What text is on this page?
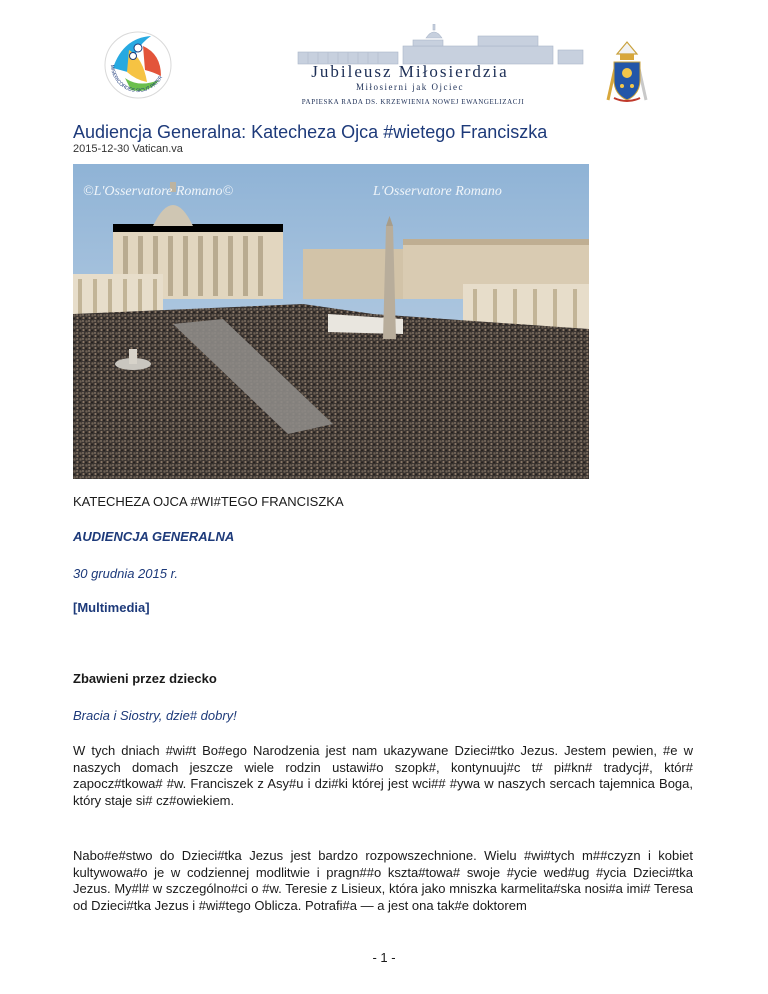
MISERICORDES SICUT PATER	Jubileusz Miłosierdzia
Miłosierni jak Ojciec
PAPIESKA RADA DS. KRZEWIENIA NOWEJ EWANGELIZACJI
Audiencja Generalna: Katecheza Ojca #wietego Franciszka
2015-12-30 Vatican.va
©L'Osservatore Romano©	L'Osservatore Romano
KATECHEZA OJCA #WI#TEGO FRANCISZKA
AUDIENCJA GENERALNA
30 grudnia 2015 r.
[Multimedia]
Zbawieni przez dziecko
Bracia i Siostry, dzie# dobry!
W tych dniach #wi#t Bo#ego Narodzenia jest nam ukazywane Dzieci#tko Jezus. Jestem pewien, #e w naszych domach jeszcze wiele rodzin ustawi#o szopk#, kontynuuj#c t# pi#kn# tradycj#, któr# zapocz#tkowa# #w. Franciszek z Asy#u i dzi#ki której jest wci## #ywa w naszych sercach tajemnica Boga, który staje si# cz#owiekiem.
Nabo#e#stwo do Dzieci#tka Jezus jest bardzo rozpowszechnione. Wielu #wi#tych m##czyzn i kobiet kultywowa#o je w codziennej modlitwie i pragn##o kszta#towa# swoje #ycie wed#ug #ycia Dzieci#tka Jezus. My#l# w szczególno#ci o #w. Teresie z Lisieux, która jako mniszka karmelita#ska nosi#a imi# Teresa od Dzieci#tka Jezus i #wi#tego Oblicza. Potrafi#a — a jest ona tak#e doktorem
- 1 -
